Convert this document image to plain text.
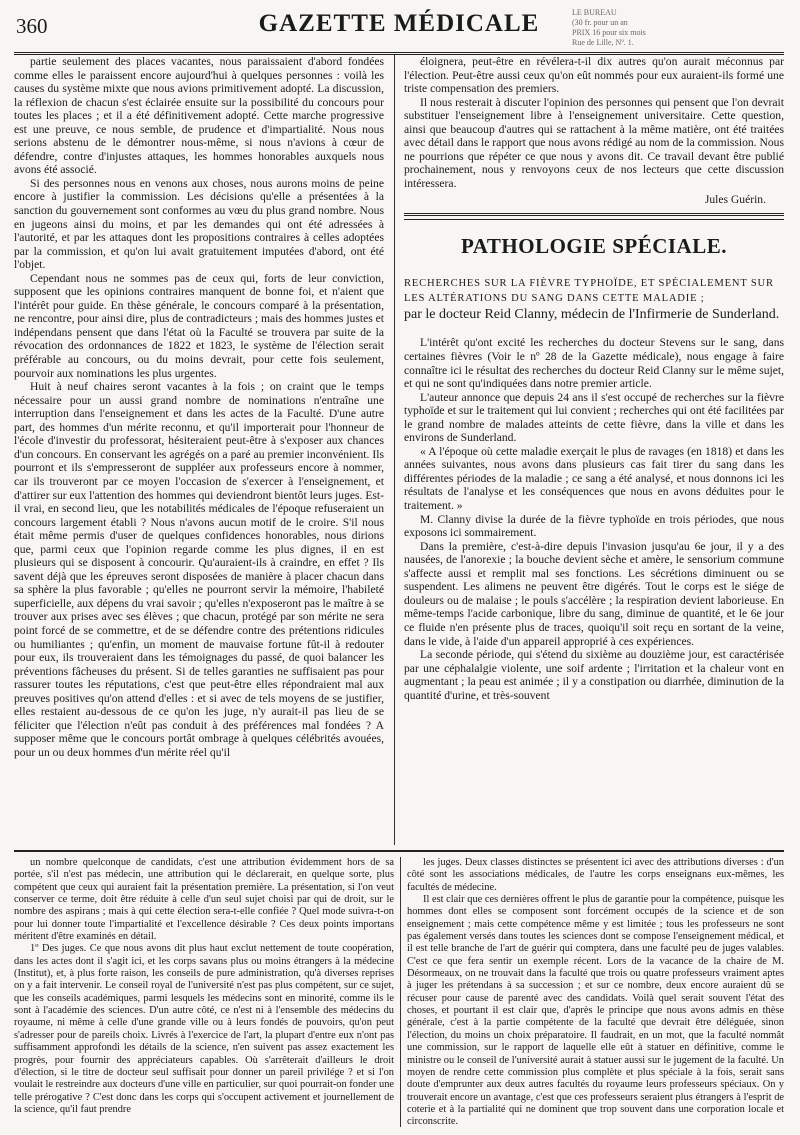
360	GAZETTE MÉDICALE	LE BUREAU
(30 fr. pour un an
PRIX 16 pour six mois
Rue de Lille, Nº. 1.

partie seulement des places vacantes, nous paraissaient d'abord fondées comme elles le paraissent encore aujourd'hui à quelques personnes : voilà les causes du système mixte que nous avions primitivement adopté. La discussion, la réflexion de chacun s'est éclairée ensuite sur la possibilité du concours pour toutes les places ; et il a été définitivement adopté. Cette marche progressive est une preuve, ce nous semble, de prudence et d'impartialité. Nous nous serions abstenu de le démontrer nous-même, si nous n'avions à cœur de défendre, contre d'injustes attaques, les hommes honorables auxquels nous avons été associé.

Si des personnes nous en venons aux choses, nous aurons moins de peine encore à justifier la commission. Les décisions qu'elle a présentées à la sanction du gouvernement sont conformes au vœu du plus grand nombre. Nous en jugeons ainsi du moins, et par les demandes qui ont été adressées à l'autorité, et par les attaques dont les propositions contraires à celles adoptées par la commission, et qu'on lui avait gratuitement imputées d'abord, ont été l'objet.

Cependant nous ne sommes pas de ceux qui, forts de leur conviction, supposent que les opinions contraires manquent de bonne foi, et n'aient que l'intérêt pour guide. En thèse générale, le concours comparé à la présentation, ne rencontre, pour ainsi dire, plus de contradicteurs ; mais des hommes justes et indépendans pensent que dans l'état où la Faculté se trouvera par suite de la révocation des ordonnances de 1822 et 1823, le système de l'élection serait préférable au concours, ou du moins devrait, pour cette fois seulement, pourvoir aux nominations les plus urgentes.

Huit à neuf chaires seront vacantes à la fois ; on craint que le temps nécessaire pour un aussi grand nombre de nominations n'entraîne une interruption dans l'enseignement et dans les actes de la Faculté. D'une autre part, des hommes d'un mérite reconnu, et qu'il importerait pour l'honneur de l'école d'investir du professorat, hésiteraient peut-être à s'exposer aux chances d'un concours. En conservant les agrégés on a paré au premier inconvénient. Ils pourront et ils s'empresseront de suppléer aux professeurs encore à nommer, car ils trouveront par ce moyen l'occasion de s'exercer à l'enseignement, et d'attirer sur eux l'attention des hommes qui deviendront bientôt leurs juges. Est-il vrai, en second lieu, que les notabilités médicales de l'époque refuseraient un concours largement établi ? Nous n'avons aucun motif de le croire. S'il nous était même permis d'user de quelques confidences honorables, nous dirions que, parmi ceux que l'opinion regarde comme les plus dignes, il en est plusieurs qui se disposent à concourir. Qu'auraient-ils à craindre, en effet ? Ils savent déjà que les épreuves seront disposées de manière à placer chacun dans sa sphère la plus favorable ; qu'elles ne pourront servir la mémoire, l'habileté superficielle, aux dépens du vrai savoir ; qu'elles n'exposeront pas le maître à se trouver aux prises avec ses élèves ; que chacun, protégé par son mérite ne sera point forcé de se commettre, et de se défendre contre des prétentions ridicules ou humiliantes ; qu'enfin, un moment de mauvaise fortune fût-il à redouter pour eux, ils trouveraient dans les témoignages du passé, de quoi balancer les préventions fâcheuses du présent. Si de telles garanties ne suffisaient pas pour rassurer toutes les réputations, c'est que peut-être elles répondraient mal aux preuves positives qu'on attend d'elles : et si avec de tels moyens de se justifier, elles restaient au-dessous de ce qu'on les juge, n'y aurait-il pas lieu de se féliciter que l'élection n'eût pas conduit à des préférences mal fondées ? A supposer même que le concours portât ombrage à quelques célébrités avouées, pour un ou deux hommes d'un mérite réel qu'il

éloignera, peut-être en révélera-t-il dix autres qu'on aurait méconnus par l'élection. Peut-être aussi ceux qu'on eût nommés pour eux auraient-ils formé une triste compensation des premiers.

Il nous resterait à discuter l'opinion des personnes qui pensent que l'on devrait substituer l'enseignement libre à l'enseignement universitaire. Cette question, ainsi que beaucoup d'autres qui se rattachent à la même matière, ont été traitées avec détail dans le rapport que nous avons rédigé au nom de la commission. Nous ne pourrions que répéter ce que nous y avons dit. Ce travail devant être publié prochainement, nous y renvoyons ceux de nos lecteurs que cette discussion intéressera.

Jules Guérin.
PATHOLOGIE SPÉCIALE.
RECHERCHES SUR LA FIÈVRE TYPHOÏDE, ET SPÉCIALEMENT SUR LES ALTÉRATIONS DU SANG DANS CETTE MALADIE ;
par le docteur Reid Clanny, médecin de l'Infirmerie de Sunderland.

L'intérêt qu'ont excité les recherches du docteur Stevens sur le sang, dans certaines fièvres (Voir le nº 28 de la Gazette médicale), nous engage à faire connaître ici le résultat des recherches du docteur Reid Clanny sur le même sujet, et qui ne sont qu'indiquées dans notre premier article.

L'auteur annonce que depuis 24 ans il s'est occupé de recherches sur la fièvre typhoïde et sur le traitement qui lui convient ; recherches qui ont été facilitées par le grand nombre de malades atteints de cette fièvre, dans la ville et dans les environs de Sunderland.

« A l'époque où cette maladie exerçait le plus de ravages (en 1818) et dans les années suivantes, nous avons dans plusieurs cas fait tirer du sang dans les différentes périodes de la maladie ; ce sang a été analysé, et nous donnons ici les résultats de l'analyse et les conséquences que nous en avons déduites pour le traitement. »

M. Clanny divise la durée de la fièvre typhoïde en trois périodes, que nous exposons ici sommairement.

Dans la première, c'est-à-dire depuis l'invasion jusqu'au 6e jour, il y a des nausées, de l'anorexie ; la bouche devient sèche et amère, le sensorium commune s'affecte aussi et remplit mal ses fonctions. Les sécrétions diminuent ou se suspendent. Les alimens ne peuvent être digérés. Tout le corps est le siége de douleurs ou de malaise ; le pouls s'accélère ; la respiration devient laborieuse. En même-temps l'acide carbonique, libre du sang, diminue de quantité, et le 6e jour ce fluide n'en présente plus de traces, quoiqu'il soit reçu en sortant de la veine, dans le vide, à l'aide d'un appareil approprié à ces expériences.

La seconde période, qui s'étend du sixième au douzième jour, est caractérisée par une céphalalgie violente, une soif ardente ; l'irritation et la chaleur vont en augmentant ; la peau est animée ; il y a constipation ou diarrhée, diminution de la quantité d'urine, et très-souvent

un nombre quelconque de candidats, c'est une attribution évidemment hors de sa portée, s'il n'est pas médecin, une attribution qui le déclarerait, en quelque sorte, plus compétent que ceux qui auraient fait la présentation première. La présentation, si l'on veut conserver ce terme, doit être réduite à celle d'un seul sujet choisi par qui de droit, sur le nombre des aspirans ; mais à qui cette élection sera-t-elle confiée ? Quel mode suivra-t-on pour lui donner toute l'impartialité et l'excellence désirable ? Ces deux points importans méritent d'être examinés en détail.

1º Des juges. Ce que nous avons dit plus haut exclut nettement de toute coopération, dans les actes dont il s'agit ici, et les corps savans plus ou moins étrangers à la médecine (Institut), et, à plus forte raison, les conseils de pure administration, qu'à diverses reprises on y a fait intervenir. Le conseil royal de l'université n'est pas plus compétent, sur ce sujet, que les conseils académiques, parmi lesquels les médecins sont en minorité, comme ils le sont à l'académie des sciences. D'un autre côté, ce n'est ni à l'ensemble des médecins du royaume, ni même à celle d'une grande ville ou à leurs fondés de pouvoirs, qu'on peut s'adresser pour de pareils choix. Livrés à l'exercice de l'art, la plupart d'entre eux n'ont pas suffisamment approfondi les détails de la science, n'en suivent pas assez exactement les progrès, pour fournir des appréciateurs capables. Où s'arrêterait d'ailleurs le droit d'élection, si le titre de docteur seul suffisait pour donner un pareil privilége ? et si l'on voulait le restreindre aux docteurs d'une ville en particulier, sur quoi pourrait-on fonder une telle prérogative ? C'est donc dans les corps qui s'occupent activement et journellement de la science, qu'il faut prendre

les juges. Deux classes distinctes se présentent ici avec des attributions diverses : d'un côté sont les associations médicales, de l'autre les corps enseignans eux-mêmes, les facultés de médecine.

Il est clair que ces dernières offrent le plus de garantie pour la compétence, puisque les hommes dont elles se composent sont forcément occupés de la science et de son enseignement ; mais cette compétence même y est limitée ; tous les professeurs ne sont pas également versés dans toutes les sciences dont se compose l'enseignement médical, et il est telle branche de l'art de guérir qui comptera, dans une faculté peu de juges valables. C'est ce que fera sentir un exemple récent. Lors de la vacance de la chaire de M. Désormeaux, on ne trouvait dans la faculté que trois ou quatre professeurs vraiment aptes à juger les prétendans à sa succession ; et sur ce nombre, deux encore auraient dû se récuser pour cause de parenté avec des candidats. Voilà quel serait souvent l'état des choses, et pourtant il est clair que, d'après le principe que nous avons admis en thèse générale, c'est à la partie compétente de la faculté que devrait être déléguée, sinon l'élection, du moins un choix préparatoire. Il faudrait, en un mot, que la faculté nommât une commission, sur le rapport de laquelle elle eût à statuer en définitive, comme le ministre ou le conseil de l'université aurait à statuer aussi sur le jugement de la faculté. Un moyen de rendre cette commission plus complète et plus spéciale à la fois, serait sans doute d'emprunter aux deux autres facultés du royaume leurs professeurs spéciaux. On y trouverait encore un avantage, c'est que ces professeurs seraient plus étrangers à l'esprit de coterie et à la partialité qui ne dominent que trop souvent dans une corporation locale et circonscrite.
